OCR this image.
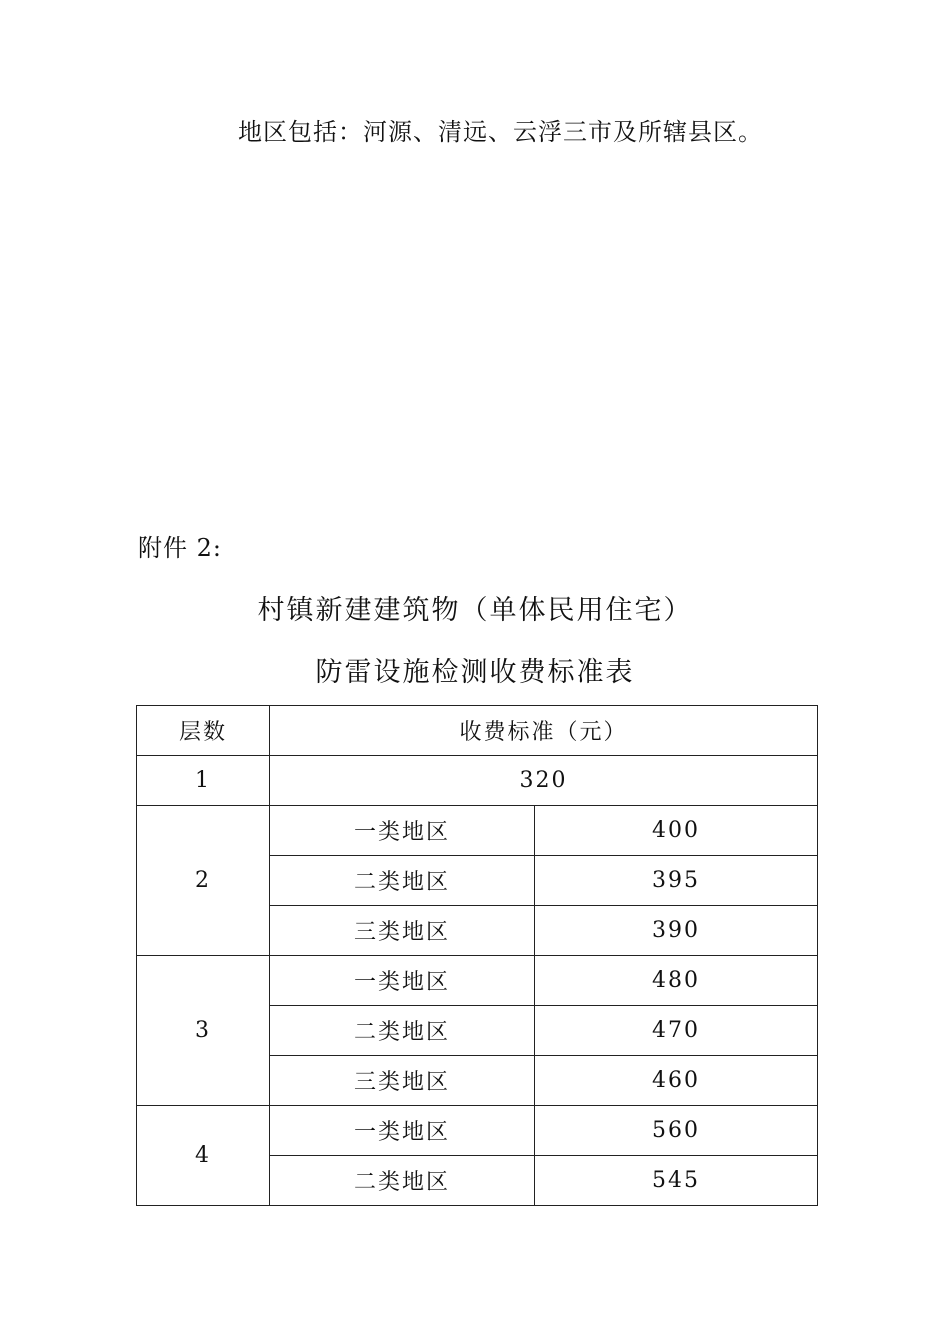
地区包括：河源、清远、云浮三市及所辖县区。
附件 2:
村镇新建建筑物（单体民用住宅）
防雷设施检测收费标准表
层数	收费标准（元）	
1	320	
2	一类地区	400
	二类地区	395
	三类地区	390
3	一类地区	480
	二类地区	470
	三类地区	460
4	一类地区	560
	二类地区	545
